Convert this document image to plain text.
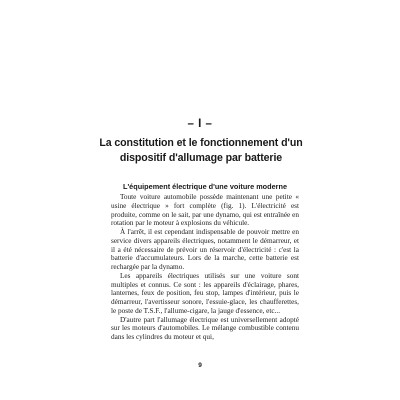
– I –
La constitution et le fonctionnement d'un dispositif d'allumage par batterie
L'équipement électrique d'une voiture moderne

Toute voiture automobile possède maintenant une petite « usine électrique » fort complète (fig. 1). L'électricité est produite, comme on le sait, par une dynamo, qui est entraînée en rotation par le moteur à explosions du véhicule.

À l'arrêt, il est cependant indispensable de pouvoir mettre en service divers appareils électriques, notamment le démarreur, et il a été nécessaire de prévoir un réservoir d'électricité : c'est la batterie d'accumulateurs. Lors de la marche, cette batterie est rechargée par la dynamo.

Les appareils électriques utilisés sur une voiture sont multiples et connus. Ce sont : les appareils d'éclairage, phares, lanternes, feux de position, feu stop, lampes d'intérieur, puis le démarreur, l'avertisseur sonore, l'essuie-glace, les chaufferettes, le poste de T.S.F., l'allume-cigare, la jauge d'essence, etc...

D'autre part l'allumage électrique est universellement adopté sur les moteurs d'automobiles. Le mélange combustible contenu dans les cylindres du moteur et qui,

9
